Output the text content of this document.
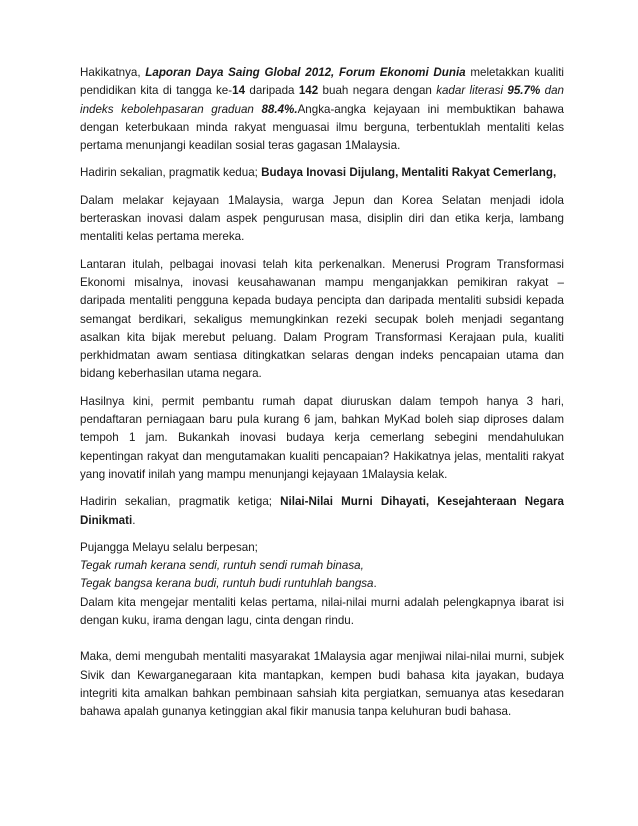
Hakikatnya, Laporan Daya Saing Global 2012, Forum Ekonomi Dunia meletakkan kualiti pendidikan kita di tangga ke-14 daripada 142 buah negara dengan kadar literasi 95.7% dan indeks kebolehpasaran graduan 88.4%.Angka-angka kejayaan ini membuktikan bahawa dengan keterbukaan minda rakyat menguasai ilmu berguna, terbentuklah mentaliti kelas pertama menunjangi keadilan sosial teras gagasan 1Malaysia.

Hadirin sekalian, pragmatik kedua; Budaya Inovasi Dijulang, Mentaliti Rakyat Cemerlang,

Dalam melakar kejayaan 1Malaysia, warga Jepun dan Korea Selatan menjadi idola berteraskan inovasi dalam aspek pengurusan masa, disiplin diri dan etika kerja, lambang mentaliti kelas pertama mereka.

Lantaran itulah, pelbagai inovasi telah kita perkenalkan. Menerusi Program Transformasi Ekonomi misalnya, inovasi keusahawanan mampu menganjakkan pemikiran rakyat – daripada mentaliti pengguna kepada budaya pencipta dan daripada mentaliti subsidi kepada semangat berdikari, sekaligus memungkinkan rezeki secupak boleh menjadi segantang asalkan kita bijak merebut peluang. Dalam Program Transformasi Kerajaan pula, kualiti perkhidmatan awam sentiasa ditingkatkan selaras dengan indeks pencapaian utama dan bidang keberhasilan utama negara.

Hasilnya kini, permit pembantu rumah dapat diuruskan dalam tempoh hanya 3 hari, pendaftaran perniagaan baru pula kurang 6 jam, bahkan MyKad boleh siap diproses dalam tempoh 1 jam. Bukankah inovasi budaya kerja cemerlang sebegini mendahulukan kepentingan rakyat dan mengutamakan kualiti pencapaian? Hakikatnya jelas, mentaliti rakyat yang inovatif inilah yang mampu menunjangi kejayaan 1Malaysia kelak.

Hadirin sekalian, pragmatik ketiga; Nilai-Nilai Murni Dihayati, Kesejahteraan Negara Dinikmati.

Pujangga Melayu selalu berpesan;
Tegak rumah kerana sendi, runtuh sendi rumah binasa,
Tegak bangsa kerana budi, runtuh budi runtuhlah bangsa.
Dalam kita mengejar mentaliti kelas pertama, nilai-nilai murni adalah pelengkapnya ibarat isi dengan kuku, irama dengan lagu, cinta dengan rindu.

Maka, demi mengubah mentaliti masyarakat 1Malaysia agar menjiwai nilai-nilai murni, subjek Sivik dan Kewarganegaraan kita mantapkan, kempen budi bahasa kita jayakan, budaya integriti kita amalkan bahkan pembinaan sahsiah kita pergiatkan, semuanya atas kesedaran bahawa apalah gunanya ketinggian akal fikir manusia tanpa keluhuran budi bahasa.
